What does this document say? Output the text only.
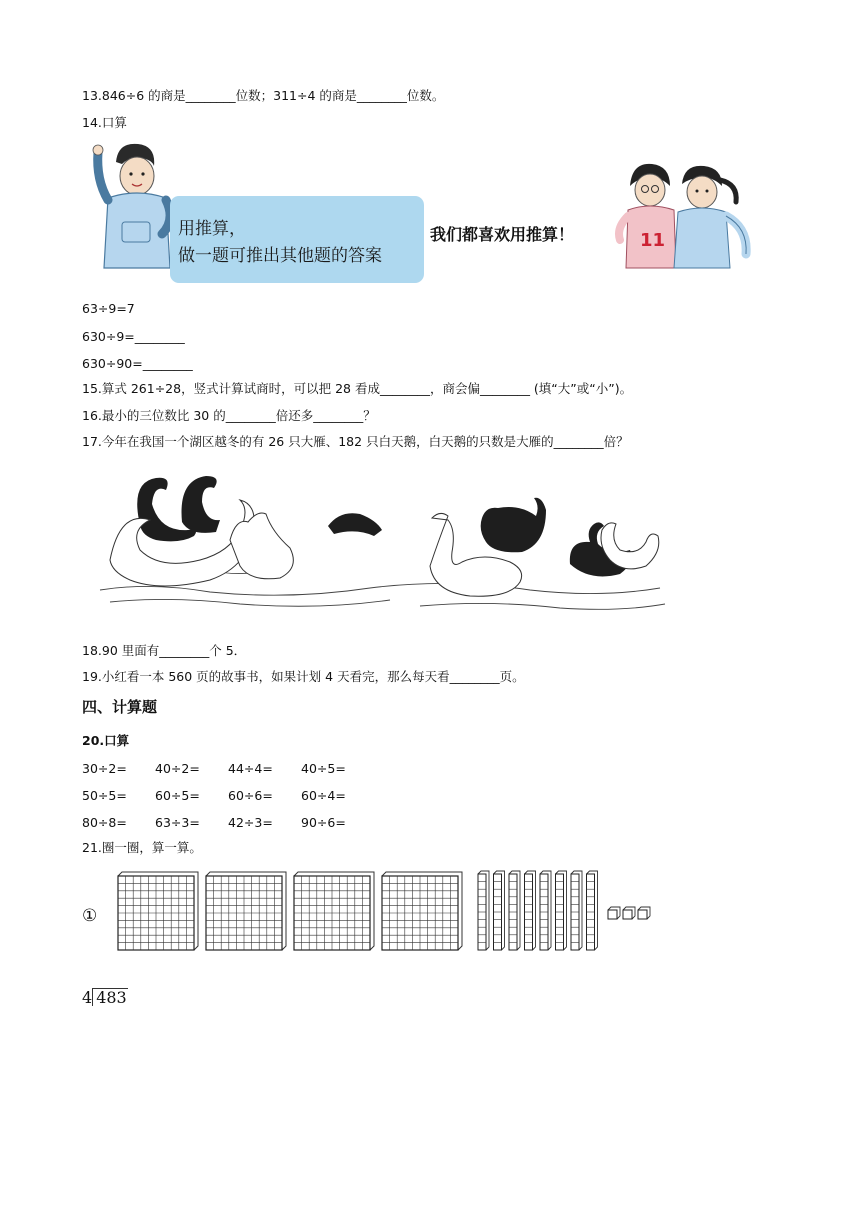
13.846÷6 的商是________位数；311÷4 的商是________位数。
14.口算
用推算，
做一题可推出其他题的答案
我们都喜欢用推算！	11
63÷9=7
630÷9=________
630÷90=________
15.算式 261÷28，竖式计算试商时，可以把 28 看成________，商会偏________ (填“大”或“小”)。
16.最小的三位数比 30 的________倍还多________？
17.今年在我国一个湖区越冬的有 26 只大雁、182 只白天鹅，白天鹅的只数是大雁的________倍？
18.90 里面有________个 5．
19.小红看一本 560 页的故事书，如果计划 4 天看完，那么每天看________页。
四、计算题
20.口算
30÷2= 40÷2= 44÷4= 40÷5=
50÷5= 60÷5= 60÷6= 60÷4=
80÷8= 63÷3= 42÷3= 90÷6=
21.圈一圈，算一算。
①
4 483
